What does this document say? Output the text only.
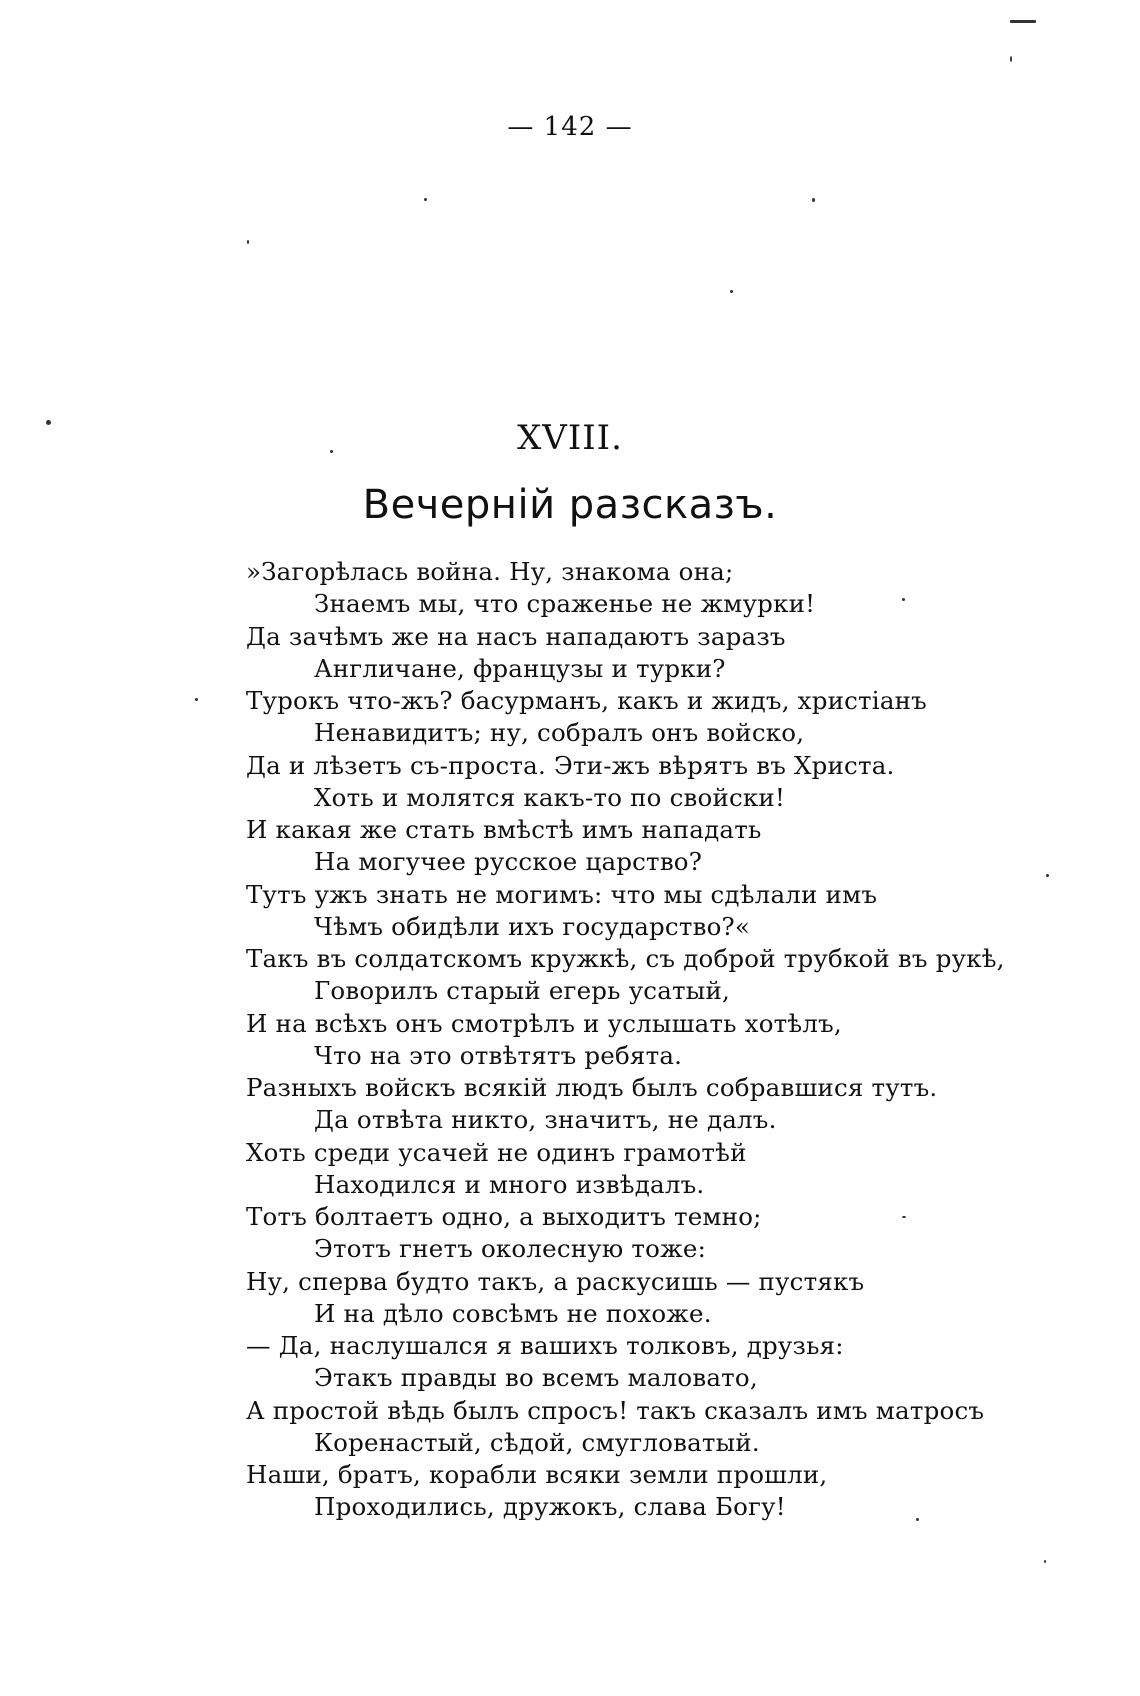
— 142 —
XVIII.
Вечерній разсказъ.
»Загорѣлась война. Ну, знакома она;
Знаемъ мы, что сраженье не жмурки!
Да зачѣмъ же на насъ нападаютъ заразъ
Англичане, французы и турки?
Турокъ что-жъ? басурманъ, какъ и жидъ, христіанъ
Ненавидитъ; ну, собралъ онъ войско,
Да и лѣзетъ съ-проста. Эти-жъ вѣрятъ въ Христа.
Хоть и молятся какъ-то по свойски!
И какая же стать вмѣстѣ имъ нападать
На могучее русское царство?
Тутъ ужъ знать не могимъ: что мы сдѣлали имъ
Чѣмъ обидѣли ихъ государство?«
Такъ въ солдатскомъ кружкѣ, съ доброй трубкой въ рукѣ,
Говорилъ старый егерь усатый,
И на всѣхъ онъ смотрѣлъ и услышать хотѣлъ,
Что на это отвѣтятъ ребята.
Разныхъ войскъ всякій людъ былъ собравшися тутъ.
Да отвѣта никто, значитъ, не далъ.
Хоть среди усачей не одинъ грамотѣй
Находился и много извѣдалъ.
Тотъ болтаетъ одно, а выходитъ темно;
Этотъ гнетъ околесную тоже:
Ну, сперва будто такъ, а раскусишь — пустякъ
И на дѣло совсѣмъ не похоже.
— Да, наслушался я вашихъ толковъ, друзья:
Этакъ правды во всемъ маловато,
А простой вѣдь былъ спросъ! такъ сказалъ имъ матросъ
Коренастый, сѣдой, смугловатый.
Наши, братъ, корабли всяки земли прошли,
Проходились, дружокъ, слава Богу!
